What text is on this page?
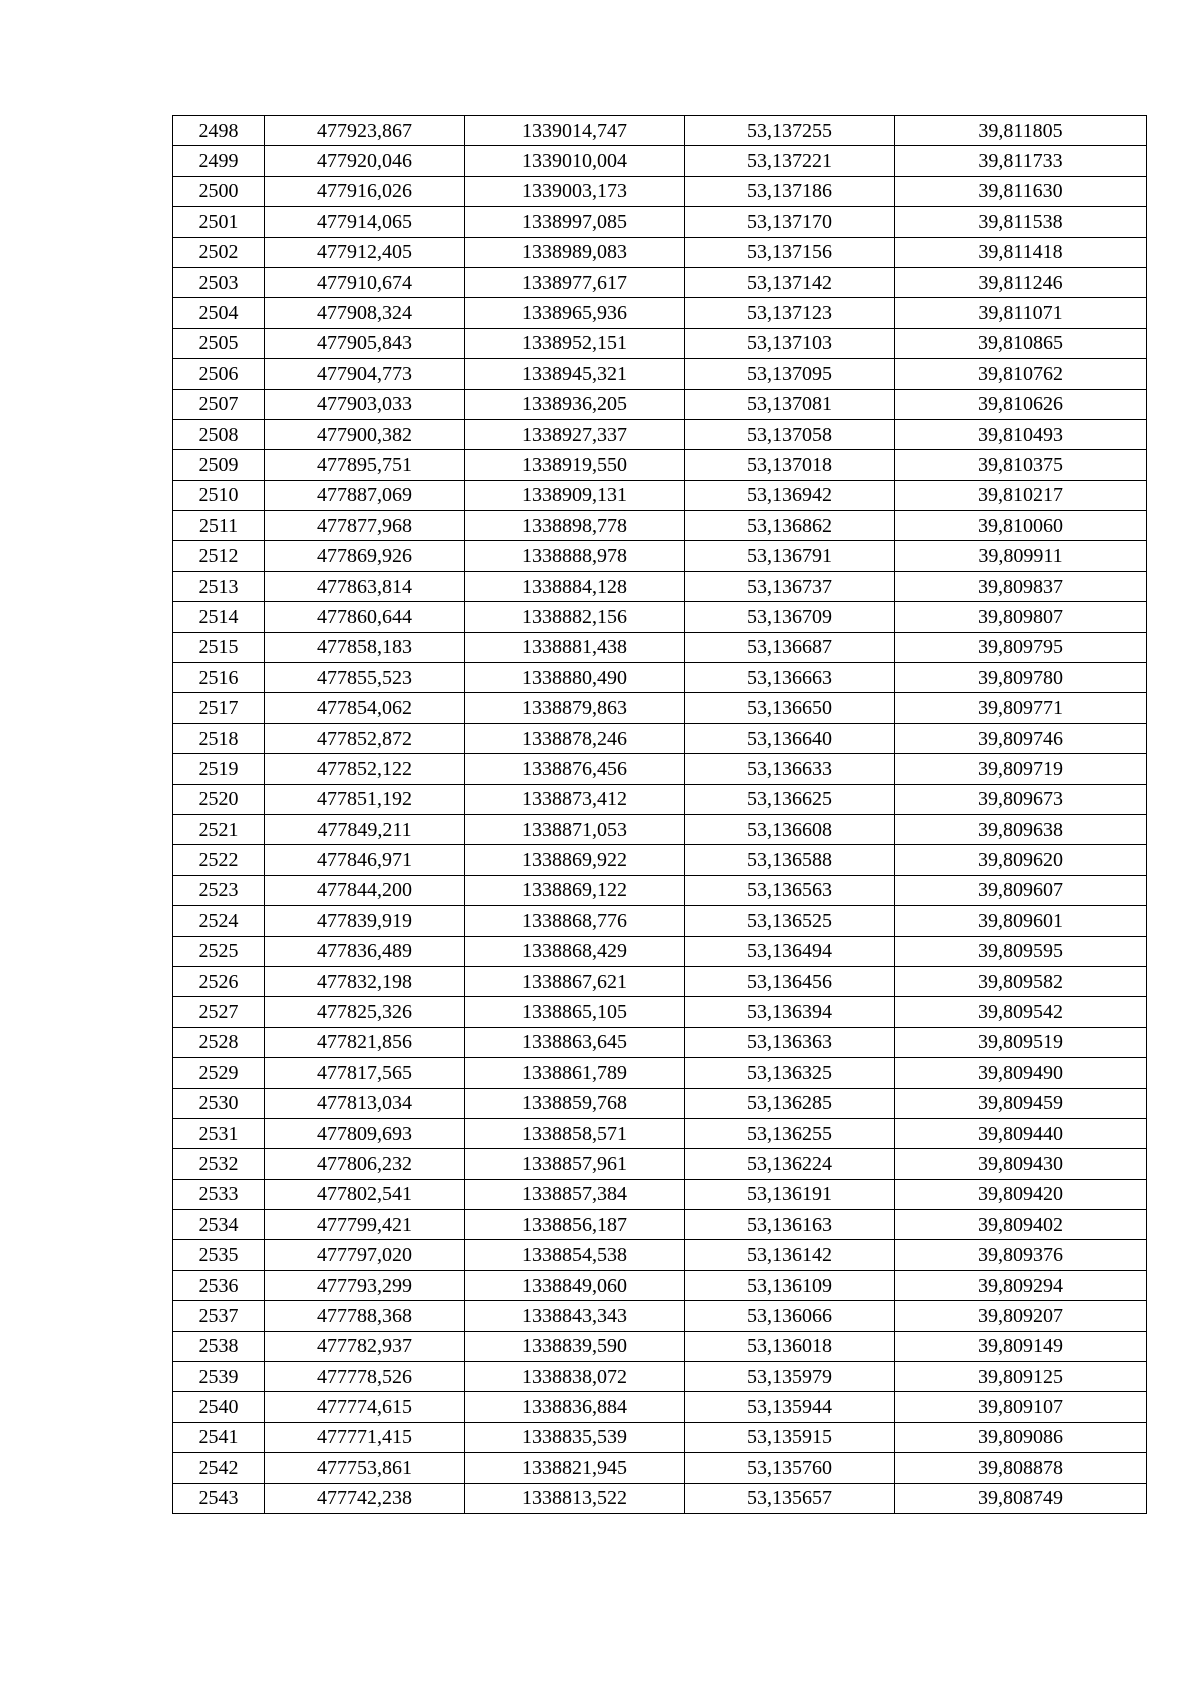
2498	477923,867	1339014,747	53,137255	39,811805
2499	477920,046	1339010,004	53,137221	39,811733
2500	477916,026	1339003,173	53,137186	39,811630
2501	477914,065	1338997,085	53,137170	39,811538
2502	477912,405	1338989,083	53,137156	39,811418
2503	477910,674	1338977,617	53,137142	39,811246
2504	477908,324	1338965,936	53,137123	39,811071
2505	477905,843	1338952,151	53,137103	39,810865
2506	477904,773	1338945,321	53,137095	39,810762
2507	477903,033	1338936,205	53,137081	39,810626
2508	477900,382	1338927,337	53,137058	39,810493
2509	477895,751	1338919,550	53,137018	39,810375
2510	477887,069	1338909,131	53,136942	39,810217
2511	477877,968	1338898,778	53,136862	39,810060
2512	477869,926	1338888,978	53,136791	39,809911
2513	477863,814	1338884,128	53,136737	39,809837
2514	477860,644	1338882,156	53,136709	39,809807
2515	477858,183	1338881,438	53,136687	39,809795
2516	477855,523	1338880,490	53,136663	39,809780
2517	477854,062	1338879,863	53,136650	39,809771
2518	477852,872	1338878,246	53,136640	39,809746
2519	477852,122	1338876,456	53,136633	39,809719
2520	477851,192	1338873,412	53,136625	39,809673
2521	477849,211	1338871,053	53,136608	39,809638
2522	477846,971	1338869,922	53,136588	39,809620
2523	477844,200	1338869,122	53,136563	39,809607
2524	477839,919	1338868,776	53,136525	39,809601
2525	477836,489	1338868,429	53,136494	39,809595
2526	477832,198	1338867,621	53,136456	39,809582
2527	477825,326	1338865,105	53,136394	39,809542
2528	477821,856	1338863,645	53,136363	39,809519
2529	477817,565	1338861,789	53,136325	39,809490
2530	477813,034	1338859,768	53,136285	39,809459
2531	477809,693	1338858,571	53,136255	39,809440
2532	477806,232	1338857,961	53,136224	39,809430
2533	477802,541	1338857,384	53,136191	39,809420
2534	477799,421	1338856,187	53,136163	39,809402
2535	477797,020	1338854,538	53,136142	39,809376
2536	477793,299	1338849,060	53,136109	39,809294
2537	477788,368	1338843,343	53,136066	39,809207
2538	477782,937	1338839,590	53,136018	39,809149
2539	477778,526	1338838,072	53,135979	39,809125
2540	477774,615	1338836,884	53,135944	39,809107
2541	477771,415	1338835,539	53,135915	39,809086
2542	477753,861	1338821,945	53,135760	39,808878
2543	477742,238	1338813,522	53,135657	39,808749
